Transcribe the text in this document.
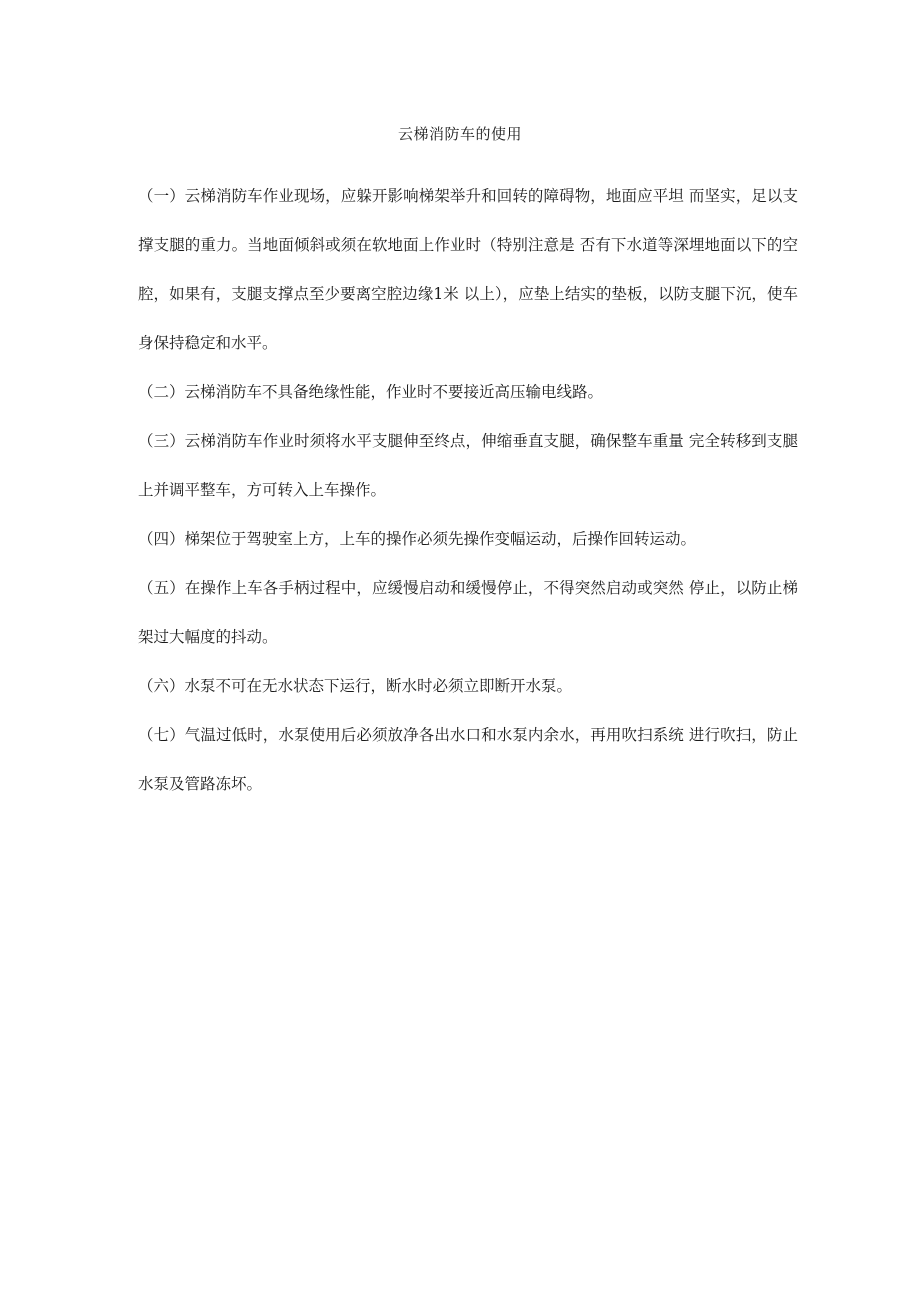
云梯消防车的使用

（一）云梯消防车作业现场，应躲开影响梯架举升和回转的障碍物，地面应平坦 而坚实，足以支撑支腿的重力。当地面倾斜或须在软地面上作业时（特别注意是 否有下水道等深埋地面以下的空腔，如果有，支腿支撑点至少要离空腔边缘1米 以上），应垫上结实的垫板，以防支腿下沉，使车身保持稳定和水平。

（二）云梯消防车不具备绝缘性能，作业时不要接近高压输电线路。

（三）云梯消防车作业时须将水平支腿伸至终点，伸缩垂直支腿，确保整车重量 完全转移到支腿上并调平整车，方可转入上车操作。

（四）梯架位于驾驶室上方，上车的操作必须先操作变幅运动，后操作回转运动。

（五）在操作上车各手柄过程中，应缓慢启动和缓慢停止，不得突然启动或突然 停止，以防止梯架过大幅度的抖动。

（六）水泵不可在无水状态下运行，断水时必须立即断开水泵。

（七）气温过低时，水泵使用后必须放净各出水口和水泵内余水，再用吹扫系统 进行吹扫，防止水泵及管路冻坏。
